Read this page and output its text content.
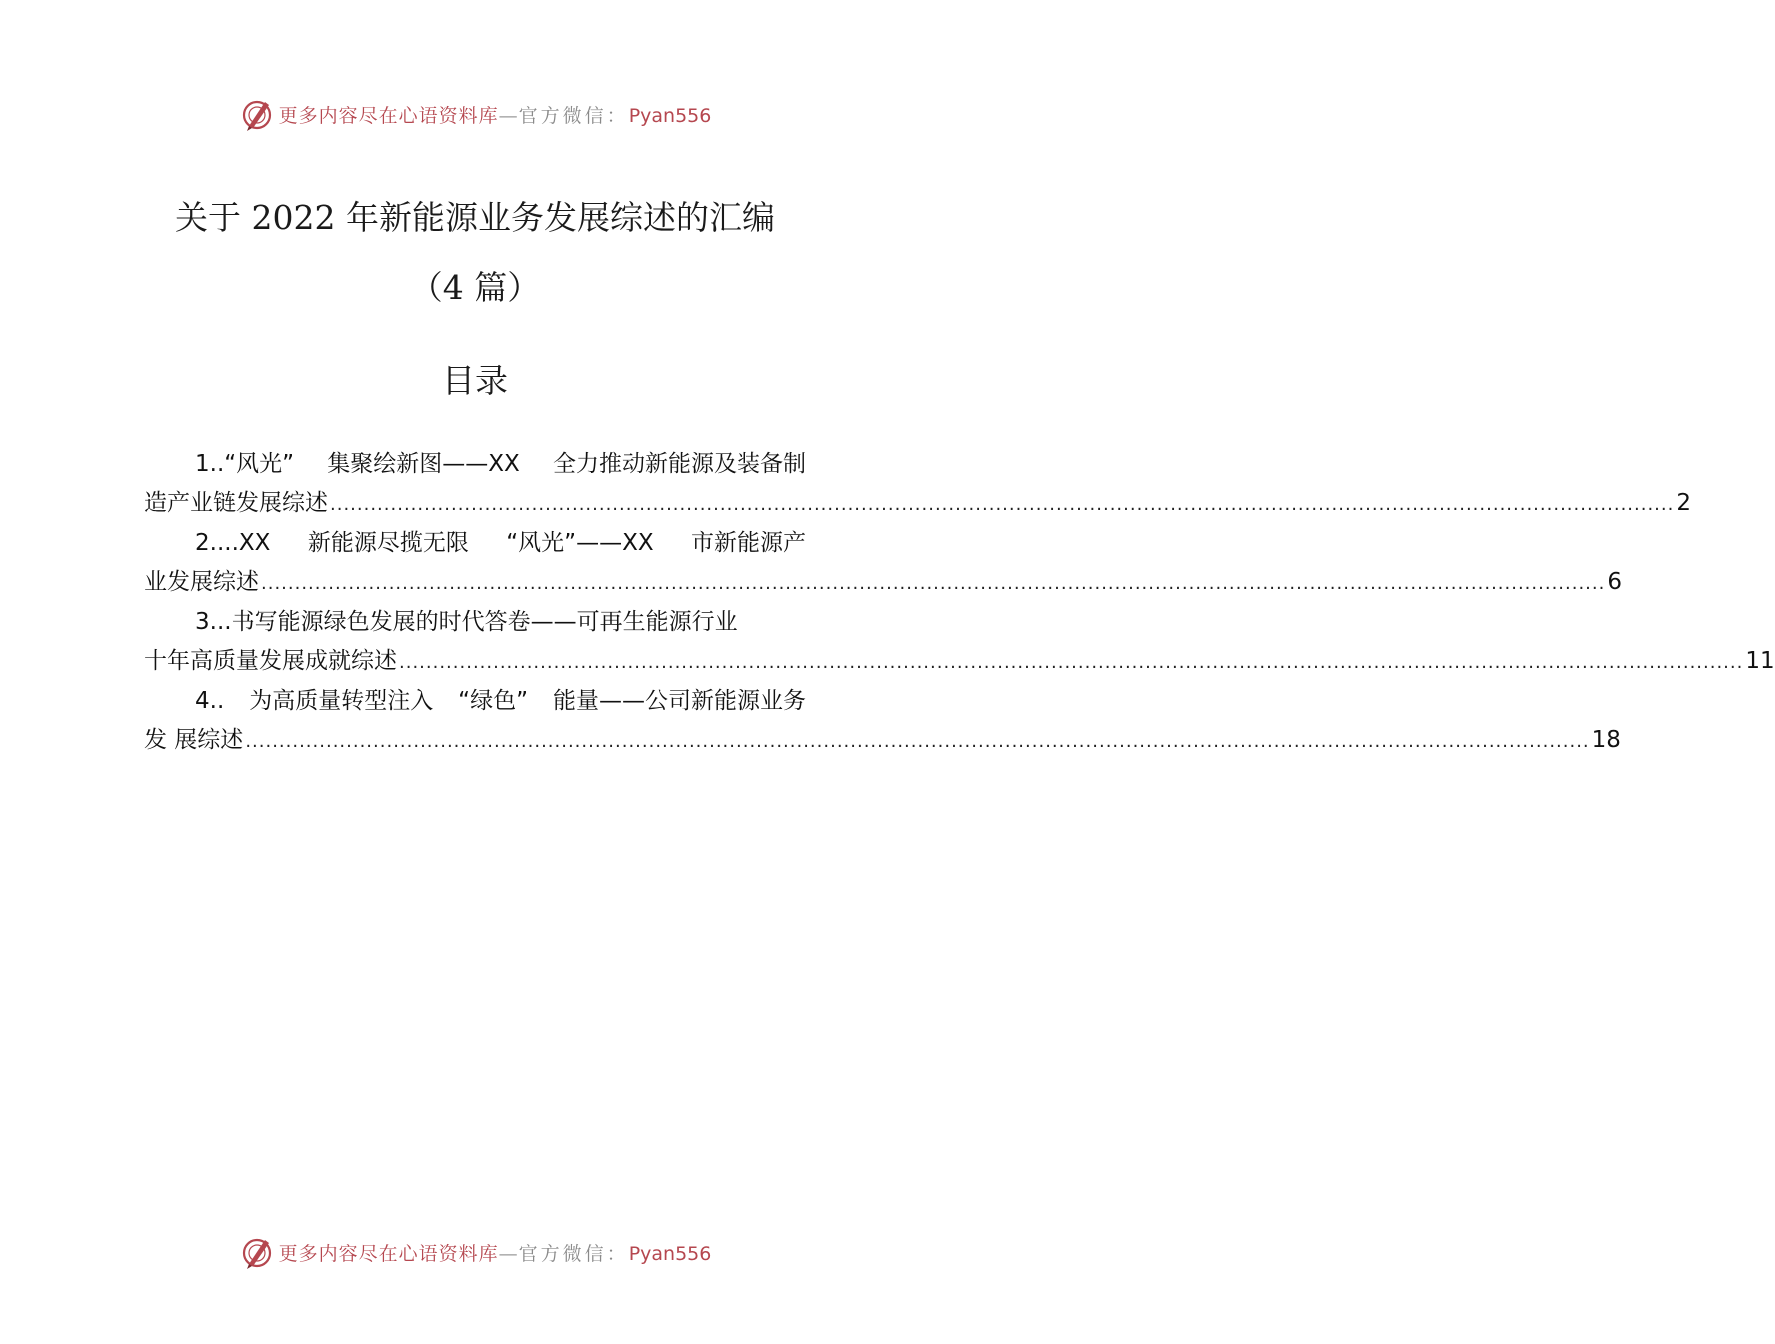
更多内容尽在心语资料库—官方微信：Pyan556
关于 2022 年新能源业务发展综述的汇编
（4 篇）
目录
1..“风光” 集聚绘新图——XX 全力推动新能源及装备制
造产业链发展综述 ........................................................................................................................................................................................................ 2
2....XX 新能源尽揽无限 “风光”——XX 市新能源产
业发展综述 ........................................................................................................................................................................................................ 6
3...书写能源绿色发展的时代答卷——可再生能源行业
十年高质量发展成就综述 ........................................................................................................................................................................................................ 11
4.. 为高质量转型注入 “绿色” 能量——公司新能源业务
发 展综述 ........................................................................................................................................................................................................ 18
更多内容尽在心语资料库—官方微信：Pyan556
